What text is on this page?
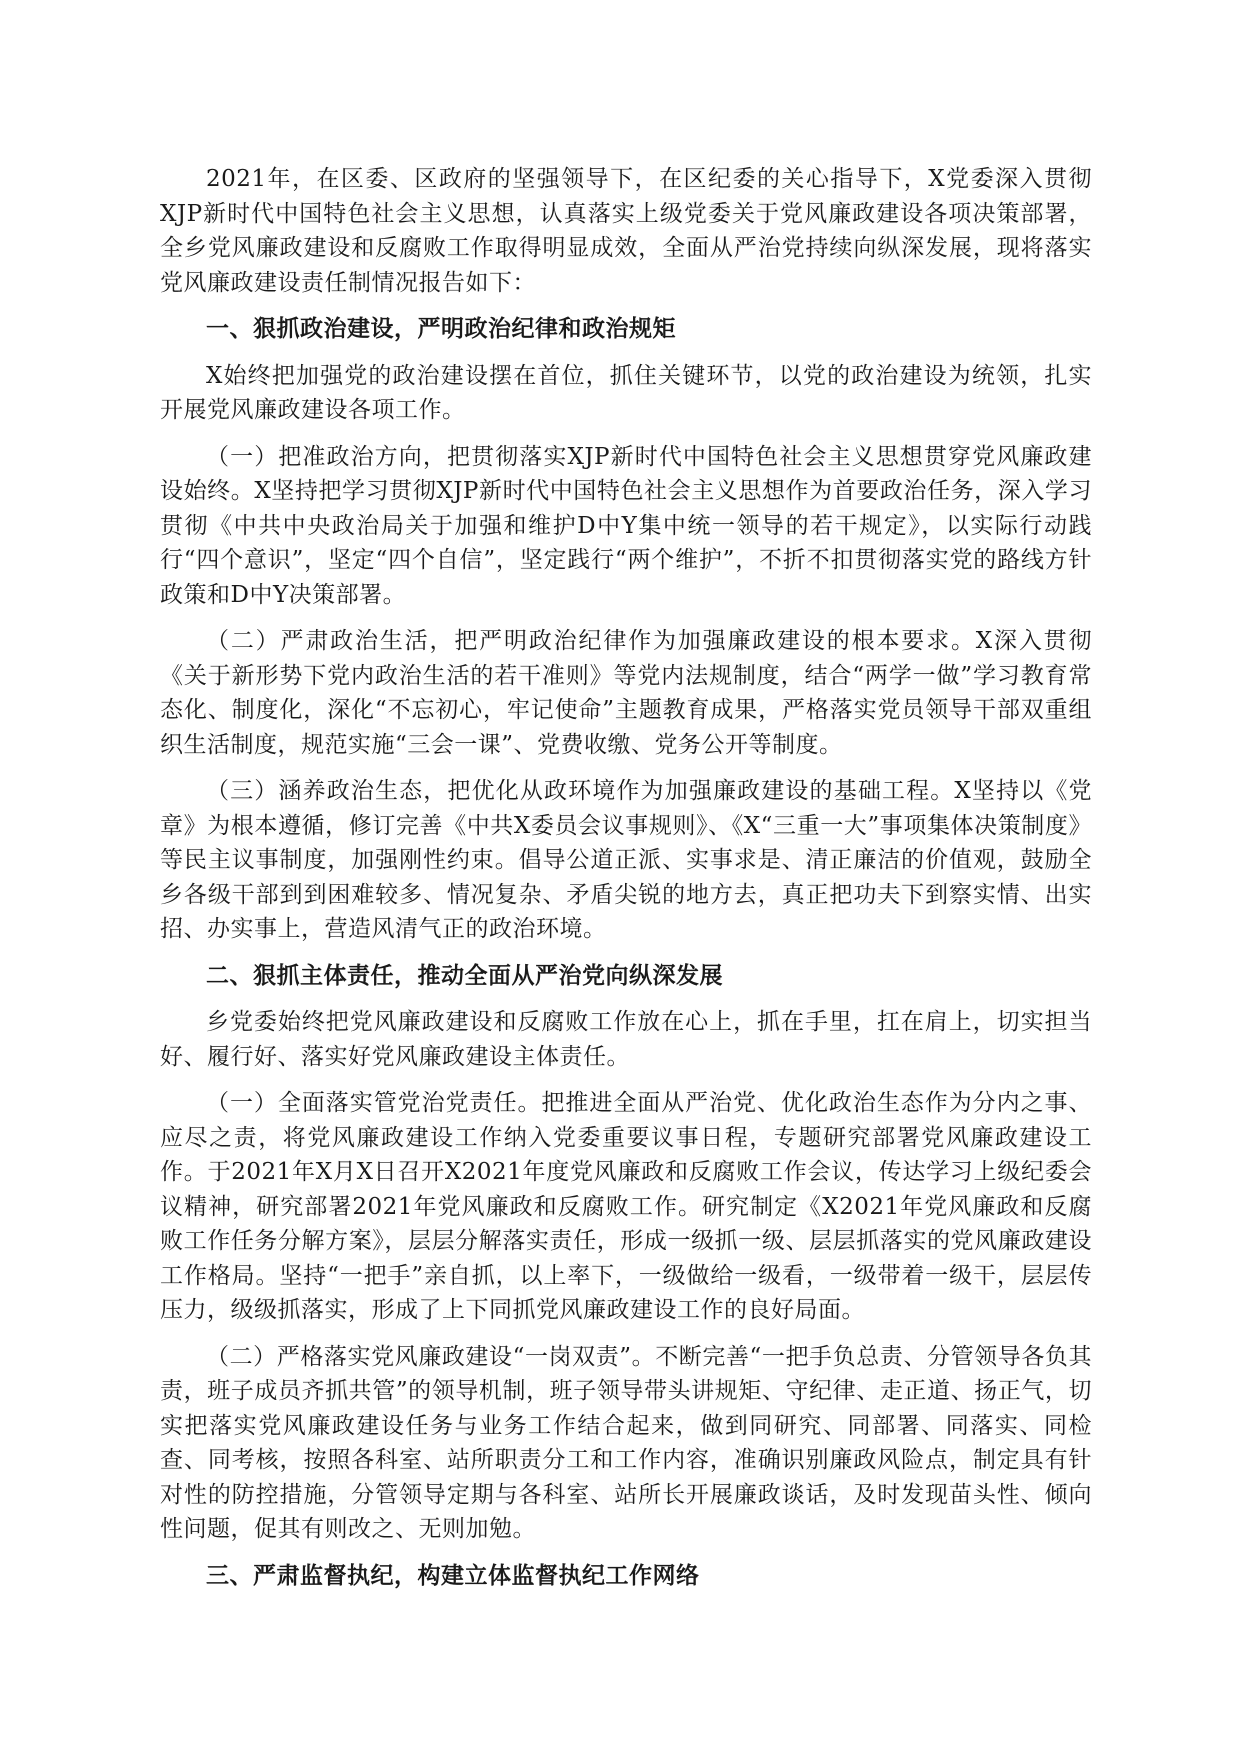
2021年，在区委、区政府的坚强领导下，在区纪委的关心指导下，X党委深入贯彻XJP新时代中国特色社会主义思想，认真落实上级党委关于党风廉政建设各项决策部署，全乡党风廉政建设和反腐败工作取得明显成效，全面从严治党持续向纵深发展，现将落实党风廉政建设责任制情况报告如下：

一、狠抓政治建设，严明政治纪律和政治规矩

X始终把加强党的政治建设摆在首位，抓住关键环节，以党的政治建设为统领，扎实开展党风廉政建设各项工作。

（一）把准政治方向，把贯彻落实XJP新时代中国特色社会主义思想贯穿党风廉政建设始终。X坚持把学习贯彻XJP新时代中国特色社会主义思想作为首要政治任务，深入学习贯彻《中共中央政治局关于加强和维护D中Y集中统一领导的若干规定》，以实际行动践行“四个意识”，坚定“四个自信”，坚定践行“两个维护”，不折不扣贯彻落实党的路线方针政策和D中Y决策部署。

（二）严肃政治生活，把严明政治纪律作为加强廉政建设的根本要求。X深入贯彻《关于新形势下党内政治生活的若干准则》等党内法规制度，结合“两学一做”学习教育常态化、制度化，深化“不忘初心，牢记使命”主题教育成果，严格落实党员领导干部双重组织生活制度，规范实施“三会一课”、党费收缴、党务公开等制度。

（三）涵养政治生态，把优化从政环境作为加强廉政建设的基础工程。X坚持以《党章》为根本遵循，修订完善《中共X委员会议事规则》、《X“三重一大”事项集体决策制度》等民主议事制度，加强刚性约束。倡导公道正派、实事求是、清正廉洁的价值观，鼓励全乡各级干部到到困难较多、情况复杂、矛盾尖锐的地方去，真正把功夫下到察实情、出实招、办实事上，营造风清气正的政治环境。

二、狠抓主体责任，推动全面从严治党向纵深发展

乡党委始终把党风廉政建设和反腐败工作放在心上，抓在手里，扛在肩上，切实担当好、履行好、落实好党风廉政建设主体责任。

（一）全面落实管党治党责任。把推进全面从严治党、优化政治生态作为分内之事、应尽之责，将党风廉政建设工作纳入党委重要议事日程，专题研究部署党风廉政建设工作。于2021年X月X日召开X2021年度党风廉政和反腐败工作会议，传达学习上级纪委会议精神，研究部署2021年党风廉政和反腐败工作。研究制定《X2021年党风廉政和反腐败工作任务分解方案》，层层分解落实责任，形成一级抓一级、层层抓落实的党风廉政建设工作格局。坚持“一把手”亲自抓，以上率下，一级做给一级看，一级带着一级干，层层传压力，级级抓落实，形成了上下同抓党风廉政建设工作的良好局面。

（二）严格落实党风廉政建设“一岗双责”。不断完善“一把手负总责、分管领导各负其责，班子成员齐抓共管”的领导机制，班子领导带头讲规矩、守纪律、走正道、扬正气，切实把落实党风廉政建设任务与业务工作结合起来，做到同研究、同部署、同落实、同检查、同考核，按照各科室、站所职责分工和工作内容，准确识别廉政风险点，制定具有针对性的防控措施，分管领导定期与各科室、站所长开展廉政谈话，及时发现苗头性、倾向性问题，促其有则改之、无则加勉。

三、严肃监督执纪，构建立体监督执纪工作网络
